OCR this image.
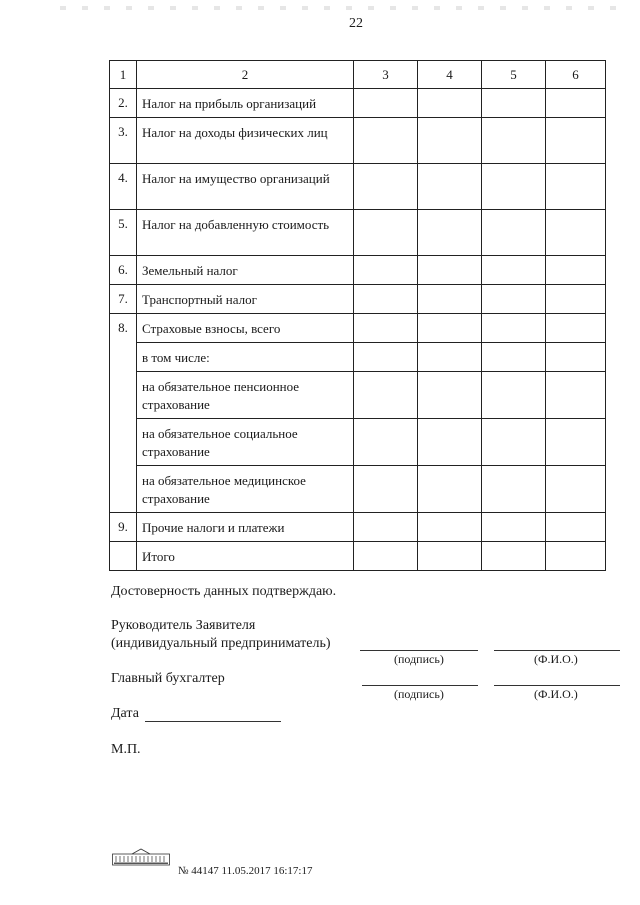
22
1	2	3	4	5	6
2.	Налог на прибыль организаций				
3.	Налог на доходы физических лиц				
4.	Налог на имущество организаций				
5.	Налог на добавленную стоимость				
6.	Земельный налог				
7.	Транспортный налог				
8.	Страховые взносы, всего				
	в том числе:				
	на обязательное пенсионное страхование				
	на обязательное социальное страхование				
	на обязательное медицинское страхование				
9.	Прочие налоги и платежи				
	Итого				
Достоверность данных подтверждаю.
Руководитель Заявителя
(индивидуальный предприниматель)
(подпись)	(Ф.И.О.)
Главный бухгалтер
(подпись)	(Ф.И.О.)
Дата
М.П.
№ 44147 11.05.2017 16:17:17
